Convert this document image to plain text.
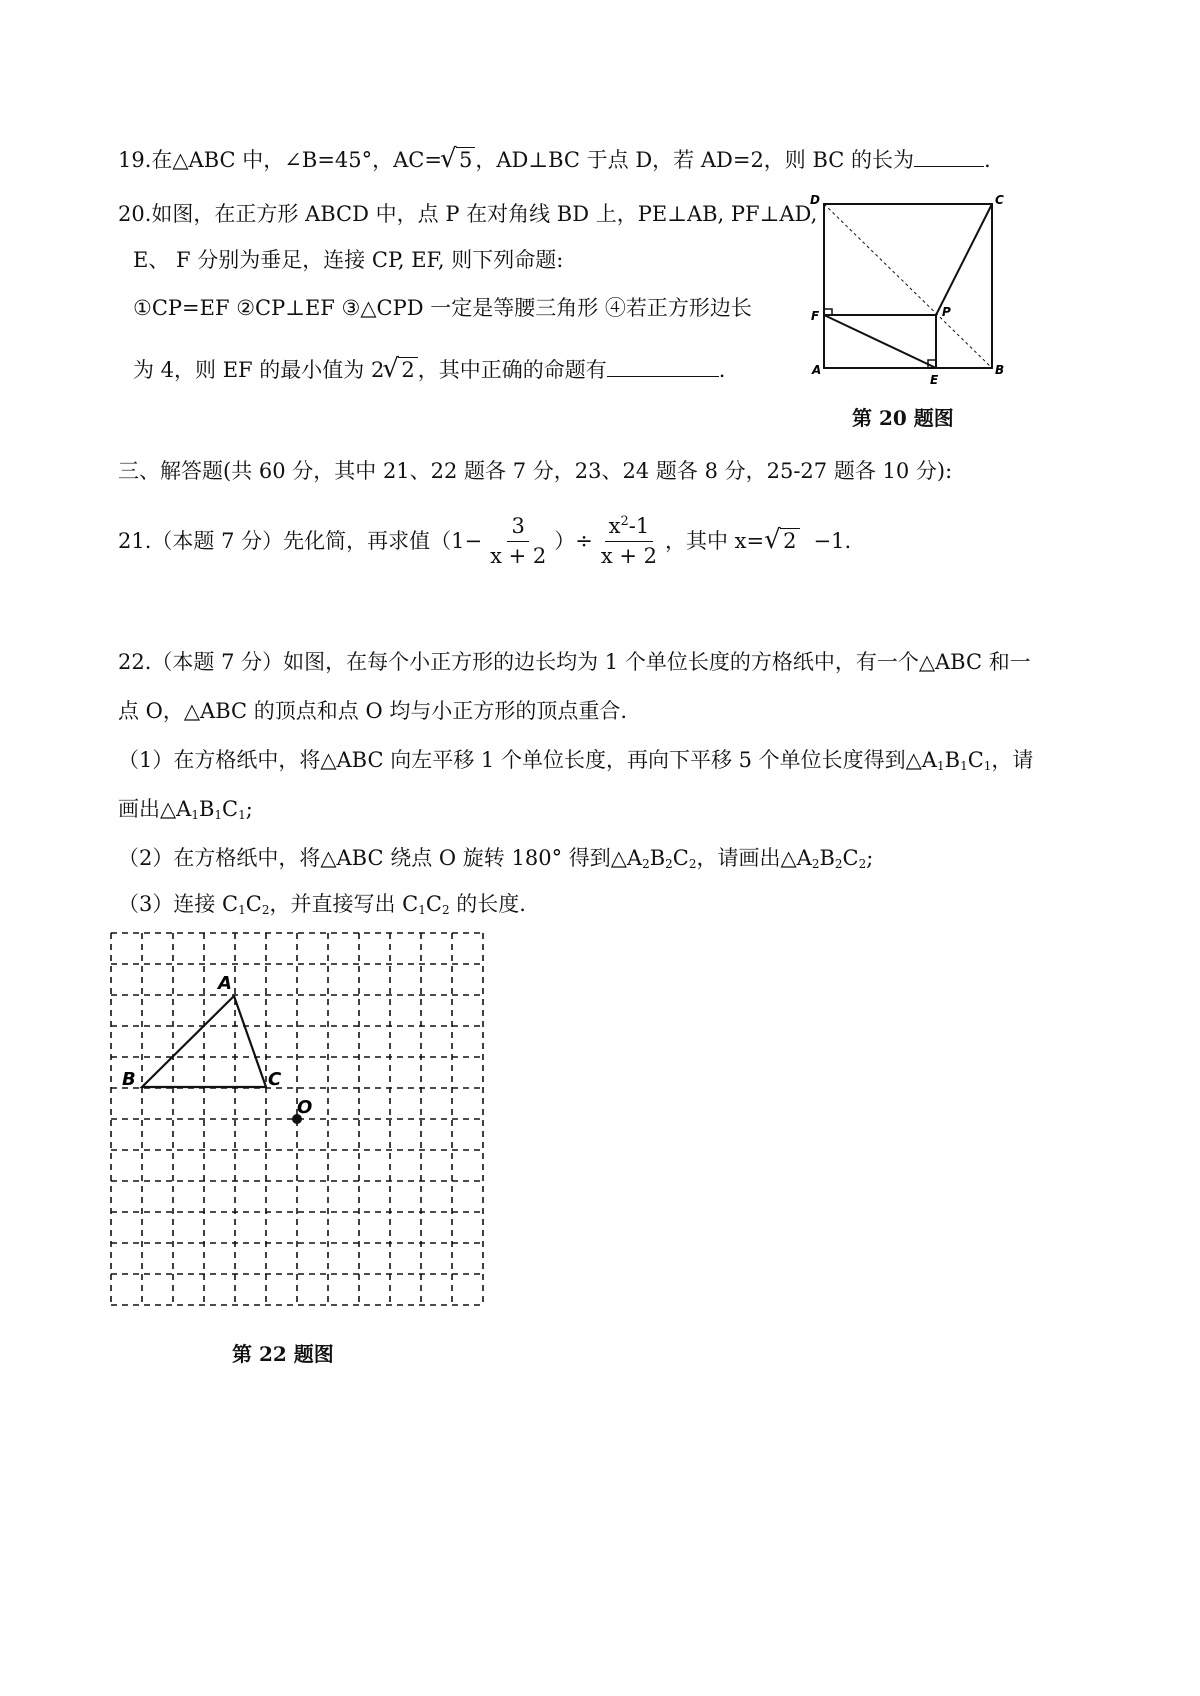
19.在△ABC 中，∠B=45°，AC= √ 5 ，AD⊥BC 于点 D，若 AD=2，则 BC 的长为	.
20.如图，在正方形 ABCD 中，点 P 在对角线 BD 上，PE⊥AB, PF⊥AD,
E、 F 分别为垂足，连接 CP, EF, 则下列命题:
①CP=EF ②CP⊥EF ③△CPD 一定是等腰三角形 ④若正方形边长
为 4，则 EF 的最小值为 2 √ 2 ，其中正确的命题有	.
D	C
F	P
A
E
B
第 20 题图
三、解答题(共 60 分，其中 21、22 题各 7 分，23、24 题各 8 分，25-27 题各 10 分):
21.（本题 7 分）先化简，再求值（$1- \frac{3}{x + 2}$ ）÷ $\frac{x^2-1}{x + 2}$ ，其中 x= √ 2 −1.
22.（本题 7 分）如图，在每个小正方形的边长均为 1 个单位长度的方格纸中，有一个△ABC 和一
点 O，△ABC 的顶点和点 O 均与小正方形的顶点重合.
（1）在方格纸中，将△ABC 向左平移 1 个单位长度，再向下平移 5 个单位长度得到$\triangle A_1B_1C_1$，请
画出$\triangle A_1B_1C_1$;
（2）在方格纸中，将△ABC 绕点 O 旋转 180° 得到$\triangle A_2B_2C_2$，请画出$\triangle A_2B_2C_2$;
（3）连接 $C_1C_2$，并直接写出 $C_1C_2$ 的长度.
A
B	C
O
第 22 题图
